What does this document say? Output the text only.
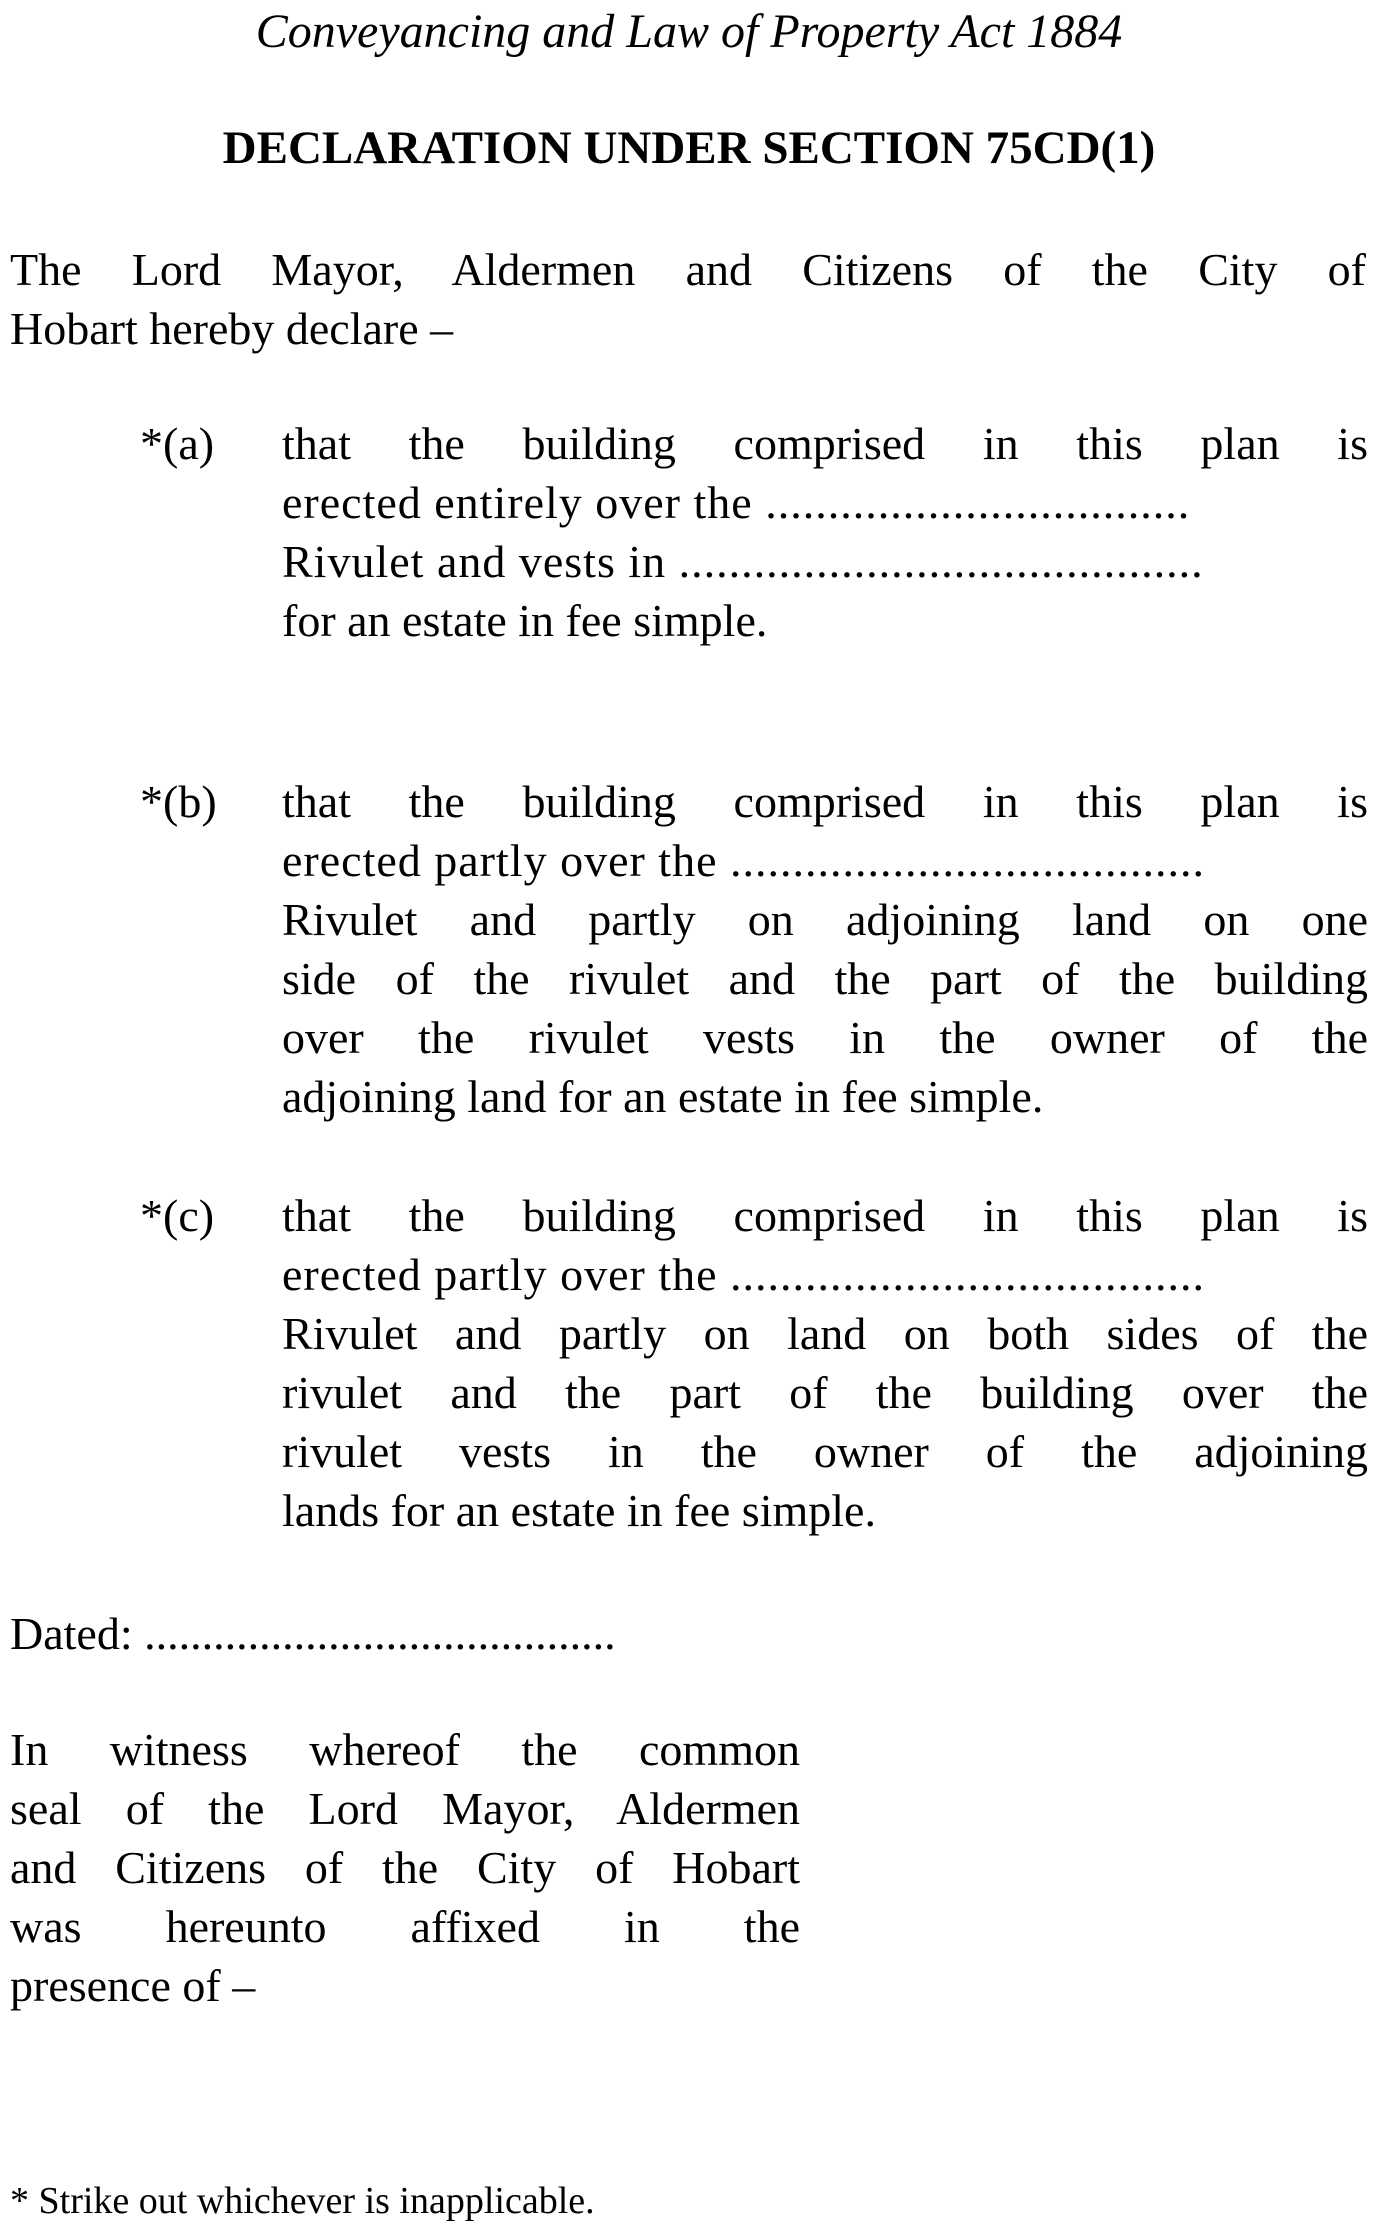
Conveyancing and Law of Property Act 1884
DECLARATION UNDER SECTION 75CD(1)
The Lord Mayor, Aldermen and Citizens of the City of
Hobart hereby declare –
*(a) that the building comprised in this plan is
erected entirely over the ..................................
Rivulet and vests in ..........................................
for an estate in fee simple.
*(b) that the building comprised in this plan is
erected partly over the ......................................
Rivulet and partly on adjoining land on one
side of the rivulet and the part of the building
over the rivulet vests in the owner of the
adjoining land for an estate in fee simple.
*(c) that the building comprised in this plan is
erected partly over the ......................................
Rivulet and partly on land on both sides of the
rivulet and the part of the building over the
rivulet vests in the owner of the adjoining
lands for an estate in fee simple.
Dated: .........................................
In witness whereof the common
seal of the Lord Mayor, Aldermen
and Citizens of the City of Hobart
was hereunto affixed in the
presence of –
* Strike out whichever is inapplicable.
